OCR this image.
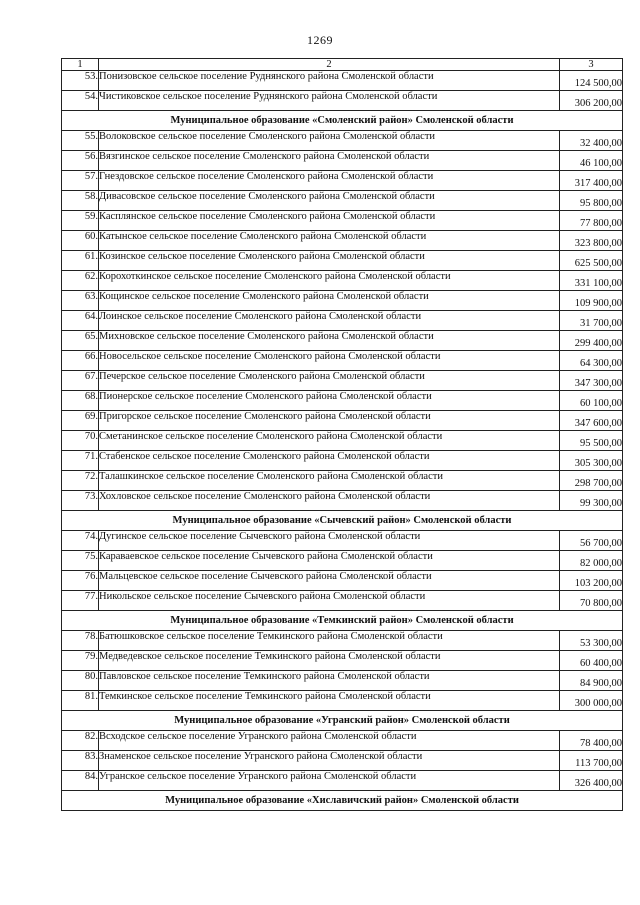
1269
1	2	3
53.	Понизовское сельское поселение Руднянского района Смоленской области	124 500,00
54.	Чистиковское сельское поселение Руднянского района Смоленской области	306 200,00
Муниципальное образование «Смоленский район» Смоленской области		
55.	Волоковское сельское поселение Смоленского района Смоленской области	32 400,00
56.	Вязгинское сельское поселение Смоленского района Смоленской области	46 100,00
57.	Гнездовское сельское поселение Смоленского района Смоленской области	317 400,00
58.	Дивасовское сельское поселение Смоленского района Смоленской области	95 800,00
59.	Касплянское сельское поселение Смоленского района Смоленской области	77 800,00
60.	Катынское сельское поселение Смоленского района Смоленской области	323 800,00
61.	Козинское сельское поселение Смоленского района Смоленской области	625 500,00
62.	Корохоткинское сельское поселение Смоленского района Смоленской области	331 100,00
63.	Кощинское сельское поселение Смоленского района Смоленской области	109 900,00
64.	Лоинское сельское поселение Смоленского района Смоленской области	31 700,00
65.	Михновское сельское поселение Смоленского района Смоленской области	299 400,00
66.	Новосельское сельское поселение Смоленского района Смоленской области	64 300,00
67.	Печерское сельское поселение Смоленского района Смоленской области	347 300,00
68.	Пионерское сельское поселение Смоленского района Смоленской области	60 100,00
69.	Пригорское сельское поселение Смоленского района Смоленской области	347 600,00
70.	Сметанинское сельское поселение Смоленского района Смоленской области	95 500,00
71.	Стабенское сельское поселение Смоленского района Смоленской области	305 300,00
72.	Талашкинское сельское поселение Смоленского района Смоленской области	298 700,00
73.	Хохловское сельское поселение Смоленского района Смоленской области	99 300,00
Муниципальное образование «Сычевский район» Смоленской области		
74.	Дугинское сельское поселение Сычевского района Смоленской области	56 700,00
75.	Караваевское сельское поселение Сычевского района Смоленской области	82 000,00
76.	Мальцевское сельское поселение Сычевского района Смоленской области	103 200,00
77.	Никольское сельское поселение Сычевского района Смоленской области	70 800,00
Муниципальное образование «Темкинский район» Смоленской области		
78.	Батюшковское сельское поселение Темкинского района Смоленской области	53 300,00
79.	Медведевское сельское поселение Темкинского района Смоленской области	60 400,00
80.	Павловское сельское поселение Темкинского района Смоленской области	84 900,00
81.	Темкинское сельское поселение Темкинского района Смоленской области	300 000,00
Муниципальное образование «Угранский район» Смоленской области		
82.	Всходское сельское поселение Угранского района Смоленской области	78 400,00
83.	Знаменское сельское поселение Угранского района Смоленской области	113 700,00
84.	Угранское сельское поселение Угранского района Смоленской области	326 400,00
Муниципальное образование «Хиславичский район» Смоленской области		
